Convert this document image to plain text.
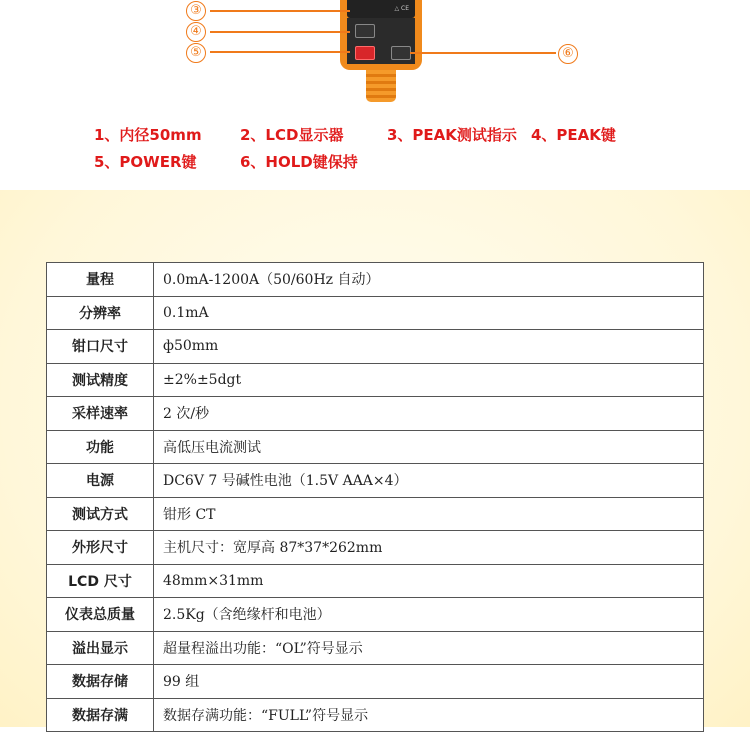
△ CE
③
④
⑤	⑥
1、内径50mm	2、LCD显示器	3、PEAK测试指示 4、PEAK键
5、POWER键	6、HOLD键保持
量程	0.0mA-1200A（50/60Hz 自动）
分辨率	0.1mA
钳口尺寸	ф50mm
测试精度	±2%±5dgt
采样速率	2 次/秒
功能	高低压电流测试
电源	DC6V 7 号碱性电池（1.5V AAA×4）
测试方式	钳形 CT
外形尺寸	主机尺寸：宽厚高 87*37*262mm
LCD 尺寸	48mm×31mm
仪表总质量	2.5Kg（含绝缘杆和电池）
溢出显示	超量程溢出功能：“OL”符号显示
数据存储	99 组
数据存满	数据存满功能：“FULL”符号显示
